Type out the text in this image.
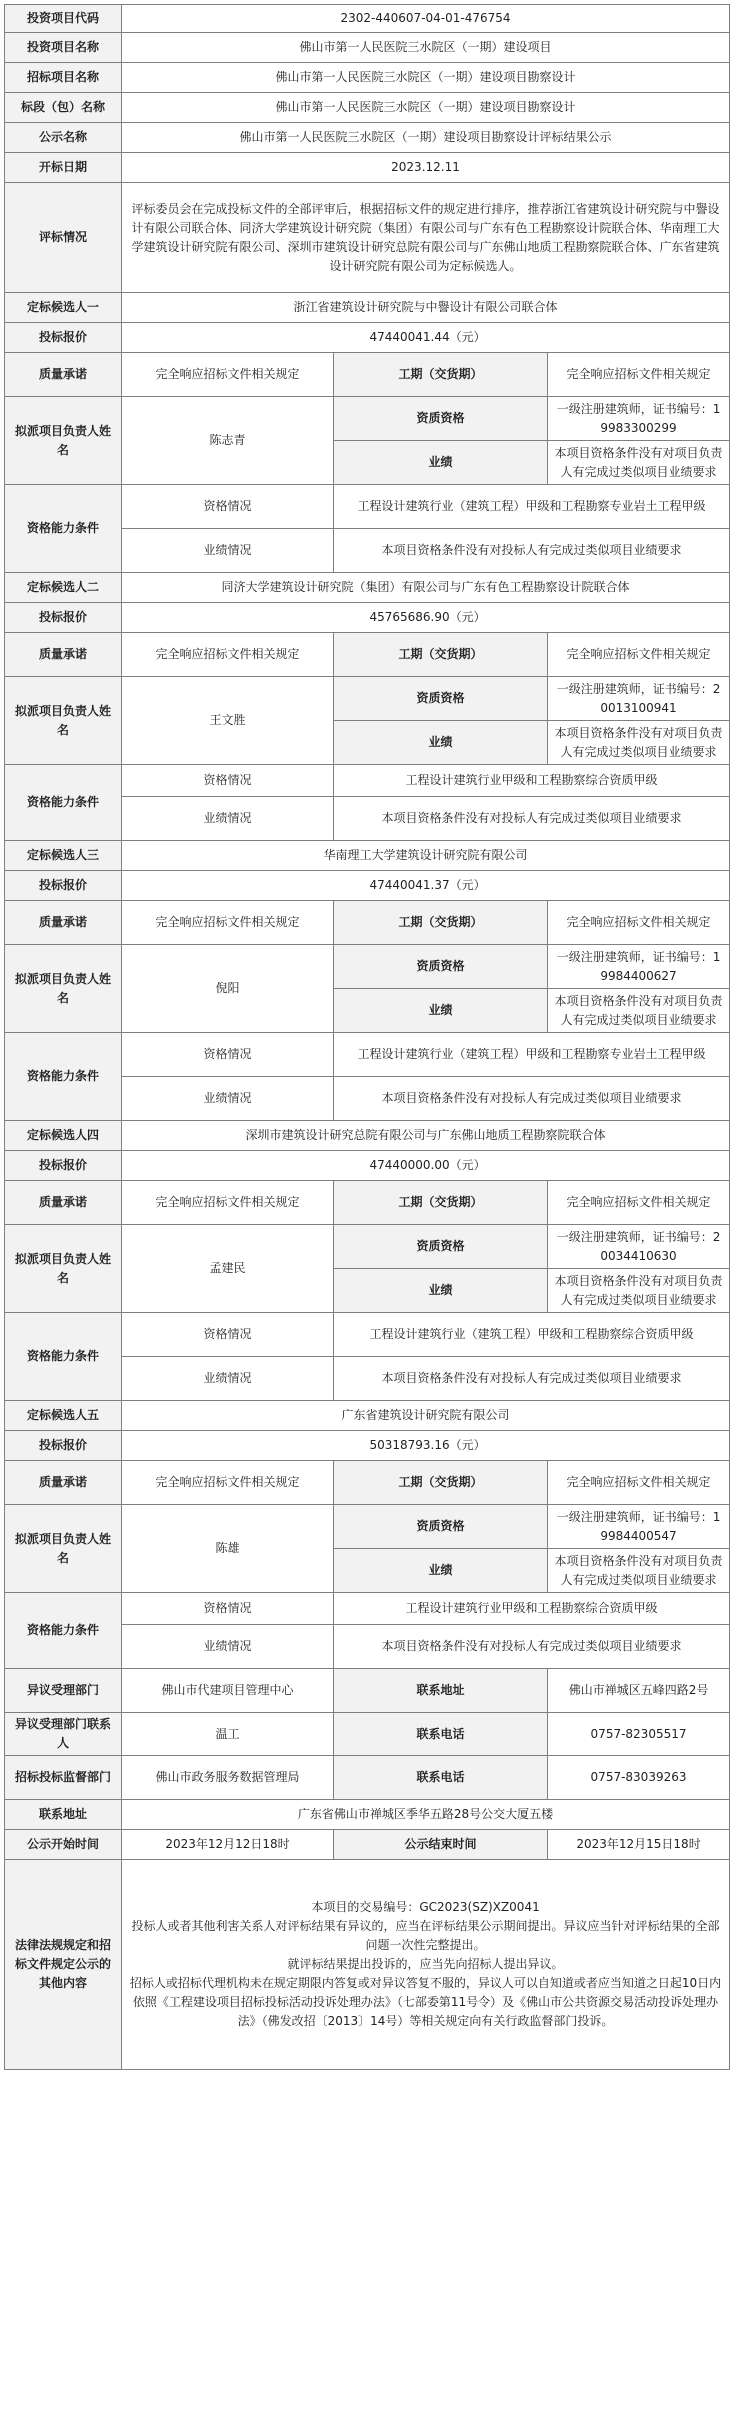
投资项目代码	2302-440607-04-01-476754		
投资项目名称	佛山市第一人民医院三水院区（一期）建设项目		
招标项目名称	佛山市第一人民医院三水院区（一期）建设项目勘察设计		
标段（包）名称	佛山市第一人民医院三水院区（一期）建设项目勘察设计		
公示名称	佛山市第一人民医院三水院区（一期）建设项目勘察设计评标结果公示		
开标日期	2023.12.11		
评标情况	评标委员会在完成投标文件的全部评审后，根据招标文件的规定进行排序，推荐浙江省建筑设计研究院与中譽设计有限公司联合体、同济大学建筑设计研究院（集团）有限公司与广东有色工程勘察设计院联合体、华南理工大学建筑设计研究院有限公司、深圳市建筑设计研究总院有限公司与广东佛山地质工程勘察院联合体、广东省建筑设计研究院有限公司为定标候选人。		
定标候选人一	浙江省建筑设计研究院与中譽设计有限公司联合体		
投标报价	47440041.44（元）		
质量承诺	完全响应招标文件相关规定	工期（交货期）	完全响应招标文件相关规定
拟派项目负责人姓名	陈志青	资质资格	一级注册建筑师，证书编号：19983300299
		业绩	本项目资格条件没有对项目负责人有完成过类似项目业绩要求
资格能力条件	资格情况	工程设计建筑行业（建筑工程）甲级和工程勘察专业岩土工程甲级	
	业绩情况	本项目资格条件没有对投标人有完成过类似项目业绩要求	
定标候选人二	同济大学建筑设计研究院（集团）有限公司与广东有色工程勘察设计院联合体		
投标报价	45765686.90（元）		
质量承诺	完全响应招标文件相关规定	工期（交货期）	完全响应招标文件相关规定
拟派项目负责人姓名	王文胜	资质资格	一级注册建筑师，证书编号：20013100941
		业绩	本项目资格条件没有对项目负责人有完成过类似项目业绩要求
资格能力条件	资格情况	工程设计建筑行业甲级和工程勘察综合资质甲级	
	业绩情况	本项目资格条件没有对投标人有完成过类似项目业绩要求	
定标候选人三	华南理工大学建筑设计研究院有限公司		
投标报价	47440041.37（元）		
质量承诺	完全响应招标文件相关规定	工期（交货期）	完全响应招标文件相关规定
拟派项目负责人姓名	倪阳	资质资格	一级注册建筑师，证书编号：19984400627
		业绩	本项目资格条件没有对项目负责人有完成过类似项目业绩要求
资格能力条件	资格情况	工程设计建筑行业（建筑工程）甲级和工程勘察专业岩土工程甲级	
	业绩情况	本项目资格条件没有对投标人有完成过类似项目业绩要求	
定标候选人四	深圳市建筑设计研究总院有限公司与广东佛山地质工程勘察院联合体		
投标报价	47440000.00（元）		
质量承诺	完全响应招标文件相关规定	工期（交货期）	完全响应招标文件相关规定
拟派项目负责人姓名	孟建民	资质资格	一级注册建筑师，证书编号：20034410630
		业绩	本项目资格条件没有对项目负责人有完成过类似项目业绩要求
资格能力条件	资格情况	工程设计建筑行业（建筑工程）甲级和工程勘察综合资质甲级	
	业绩情况	本项目资格条件没有对投标人有完成过类似项目业绩要求	
定标候选人五	广东省建筑设计研究院有限公司		
投标报价	50318793.16（元）		
质量承诺	完全响应招标文件相关规定	工期（交货期）	完全响应招标文件相关规定
拟派项目负责人姓名	陈雄	资质资格	一级注册建筑师，证书编号：19984400547
		业绩	本项目资格条件没有对项目负责人有完成过类似项目业绩要求
资格能力条件	资格情况	工程设计建筑行业甲级和工程勘察综合资质甲级	
	业绩情况	本项目资格条件没有对投标人有完成过类似项目业绩要求	
异议受理部门	佛山市代建项目管理中心	联系地址	佛山市禅城区五峰四路2号
异议受理部门联系人	温工	联系电话	0757-82305517
招标投标监督部门	佛山市政务服务数据管理局	联系电话	0757-83039263
联系地址	广东省佛山市禅城区季华五路28号公交大厦五楼		
公示开始时间	2023年12月12日18时	公示结束时间	2023年12月15日18时
法律法规规定和招标文件规定公示的其他内容	本项目的交易编号：GC2023(SZ)XZ0041
投标人或者其他利害关系人对评标结果有异议的，应当在评标结果公示期间提出。异议应当针对评标结果的全部问题一次性完整提出。
就评标结果提出投诉的，应当先向招标人提出异议。
招标人或招标代理机构未在规定期限内答复或对异议答复不服的，异议人可以自知道或者应当知道之日起10日内依照《工程建设项目招标投标活动投诉处理办法》（七部委第11号令）及《佛山市公共资源交易活动投诉处理办法》（佛发改招〔2013〕14号）等相关规定向有关行政监督部门投诉。		
